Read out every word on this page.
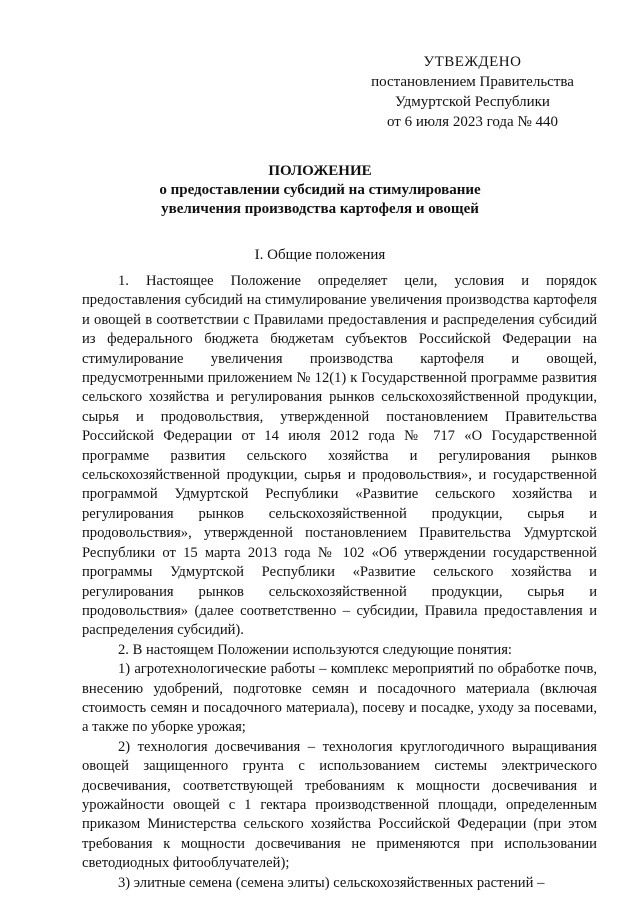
УТВЕЖДЕНО
постановлением Правительства
Удмуртской Республики
от 6 июля 2023 года № 440
ПОЛОЖЕНИЕ
о предоставлении субсидий на стимулирование
увеличения производства картофеля и овощей
I. Общие положения

1. Настоящее Положение определяет цели, условия и порядок предоставления субсидий на стимулирование увеличения производства картофеля и овощей в соответствии с Правилами предоставления и распределения субсидий из федерального бюджета бюджетам субъектов Российской Федерации на стимулирование увеличения производства картофеля и овощей, предусмотренными приложением № 12(1) к Государственной программе развития сельского хозяйства и регулирования рынков сельскохозяйственной продукции, сырья и продовольствия, утвержденной постановлением Правительства Российской Федерации от 14 июля 2012 года № 717 «О Государственной программе развития сельского хозяйства и регулирования рынков сельскохозяйственной продукции, сырья и продовольствия», и государственной программой Удмуртской Республики «Развитие сельского хозяйства и регулирования рынков сельскохозяйственной продукции, сырья и продовольствия», утвержденной постановлением Правительства Удмуртской Республики от 15 марта 2013 года № 102 «Об утверждении государственной программы Удмуртской Республики «Развитие сельского хозяйства и регулирования рынков сельскохозяйственной продукции, сырья и продовольствия» (далее соответственно – субсидии, Правила предоставления и распределения субсидий).

2. В настоящем Положении используются следующие понятия:

1) агротехнологические работы – комплекс мероприятий по обработке почв, внесению удобрений, подготовке семян и посадочного материала (включая стоимость семян и посадочного материала), посеву и посадке, уходу за посевами, а также по уборке урожая;

2) технология досвечивания – технология круглогодичного выращивания овощей защищенного грунта с использованием системы электрического досвечивания, соответствующей требованиям к мощности досвечивания и урожайности овощей с 1 гектара производственной площади, определенным приказом Министерства сельского хозяйства Российской Федерации (при этом требования к мощности досвечивания не применяются при использовании светодиодных фитооблучателей);

3) элитные семена (семена элиты) сельскохозяйственных растений –
